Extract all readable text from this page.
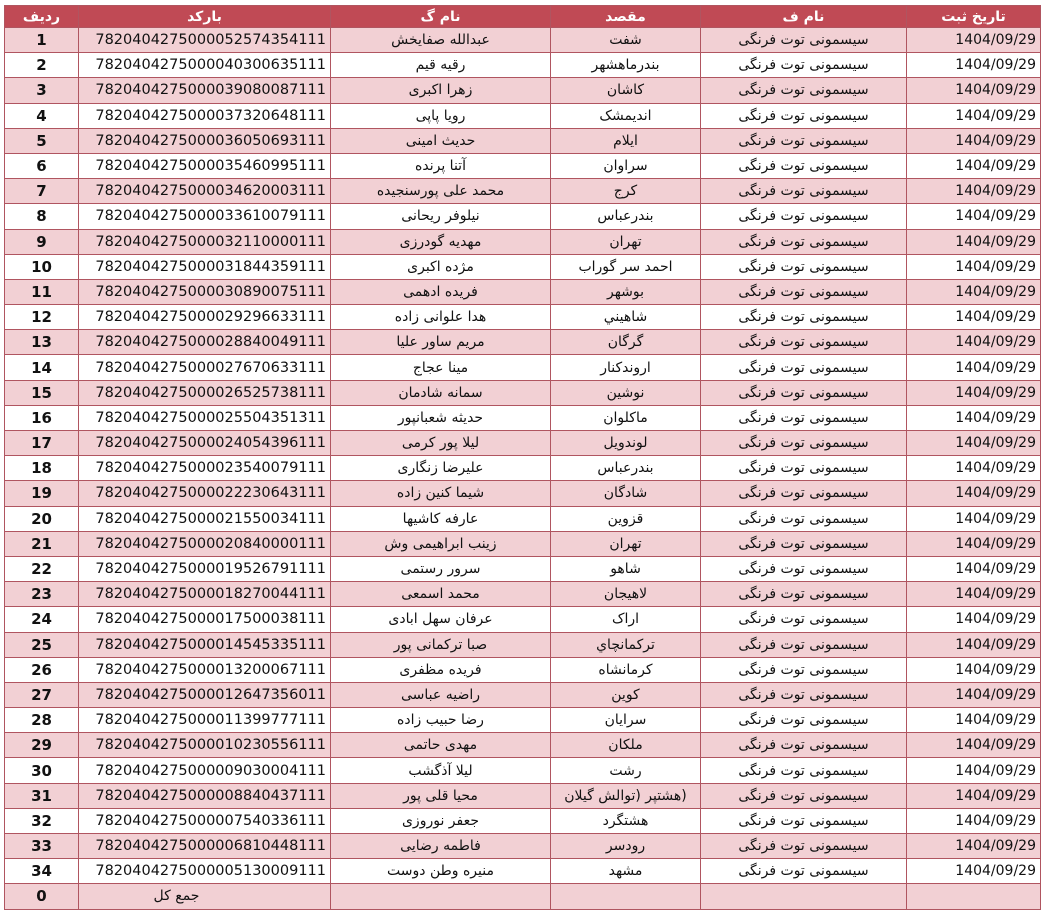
ردیف	بارکد	نام گ	مقصد	نام ف	تاریخ ثبت
1	7820404275000052574354111	عبدالله صفایخش	شفت	سیسمونی توت فرنگی	1404/09/29
2	7820404275000040300635111	رقیه قیم	بندرماهشهر	سیسمونی توت فرنگی	1404/09/29
3	7820404275000039080087111	زهرا اکبری	کاشان	سیسمونی توت فرنگی	1404/09/29
4	7820404275000037320648111	رویا پاپی	اندیمشک	سیسمونی توت فرنگی	1404/09/29
5	7820404275000036050693111	حدیث امینی	ایلام	سیسمونی توت فرنگی	1404/09/29
6	7820404275000035460995111	آتنا پرنده	سراوان	سیسمونی توت فرنگی	1404/09/29
7	7820404275000034620003111	محمد علی پورسنجیده	کرج	سیسمونی توت فرنگی	1404/09/29
8	7820404275000033610079111	نیلوفر ریحانی	بندرعباس	سیسمونی توت فرنگی	1404/09/29
9	7820404275000032110000111	مهدیه گودرزی	تهران	سیسمونی توت فرنگی	1404/09/29
10	7820404275000031844359111	مژده اکبری	احمد سر گوراب	سیسمونی توت فرنگی	1404/09/29
11	7820404275000030890075111	فریده ادهمی	بوشهر	سیسمونی توت فرنگی	1404/09/29
12	7820404275000029296633111	هدا علوانی زاده	شاهيني	سیسمونی توت فرنگی	1404/09/29
13	7820404275000028840049111	مریم ساور علیا	گرگان	سیسمونی توت فرنگی	1404/09/29
14	7820404275000027670633111	مینا عجاج	اروندکنار	سیسمونی توت فرنگی	1404/09/29
15	7820404275000026525738111	سمانه شادمان	نوشین	سیسمونی توت فرنگی	1404/09/29
16	7820404275000025504351311	حدیثه شعبانپور	ماکلوان	سیسمونی توت فرنگی	1404/09/29
17	7820404275000024054396111	لیلا پور کرمی	لوندویل	سیسمونی توت فرنگی	1404/09/29
18	7820404275000023540079111	علیرضا زنگاری	بندرعباس	سیسمونی توت فرنگی	1404/09/29
19	7820404275000022230643111	شیما کنین زاده	شادگان	سیسمونی توت فرنگی	1404/09/29
20	7820404275000021550034111	عارفه کاشیها	قزوین	سیسمونی توت فرنگی	1404/09/29
21	7820404275000020840000111	زینب ابراهیمی وش	تهران	سیسمونی توت فرنگی	1404/09/29
22	7820404275000019526791111	سرور رستمی	شاهو	سیسمونی توت فرنگی	1404/09/29
23	7820404275000018270044111	محمد اسمعی	لاهیجان	سیسمونی توت فرنگی	1404/09/29
24	7820404275000017500038111	عرفان سهل ابادی	اراک	سیسمونی توت فرنگی	1404/09/29
25	7820404275000014545335111	صبا ترکمانی پور	ترکمانچاي	سیسمونی توت فرنگی	1404/09/29
26	7820404275000013200067111	فریده مظفری	کرمانشاه	سیسمونی توت فرنگی	1404/09/29
27	7820404275000012647356011	راضیه عباسی	کوین	سیسمونی توت فرنگی	1404/09/29
28	7820404275000011399777111	رضا حبیب زاده	سرایان	سیسمونی توت فرنگی	1404/09/29
29	7820404275000010230556111	مهدی حاتمی	ملکان	سیسمونی توت فرنگی	1404/09/29
30	7820404275000009030004111	لیلا آذگشب	رشت	سیسمونی توت فرنگی	1404/09/29
31	7820404275000008840437111	محیا قلی پور	(هشتپر (توالش گیلان	سیسمونی توت فرنگی	1404/09/29
32	7820404275000007540336111	جعفر نوروزی	هشتگرد	سیسمونی توت فرنگی	1404/09/29
33	7820404275000006810448111	فاطمه رضایی	رودسر	سیسمونی توت فرنگی	1404/09/29
34	7820404275000005130009111	منیره وطن دوست	مشهد	سیسمونی توت فرنگی	1404/09/29
0	جمع کل				
